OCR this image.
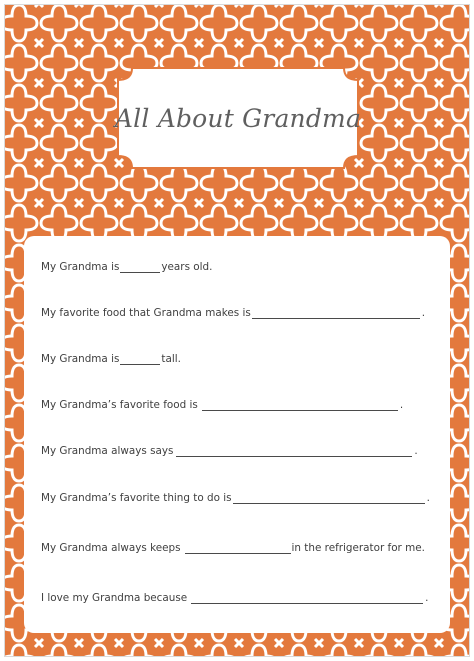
All About Grandma
My Grandma is	years old.
My favorite food that Grandma makes is	.
My Grandma is	tall.
My Grandma’s favorite food is	.
My Grandma always says	.
My Grandma’s favorite thing to do is	.
My Grandma always keeps	in the refrigerator for me.
I love my Grandma because	.
